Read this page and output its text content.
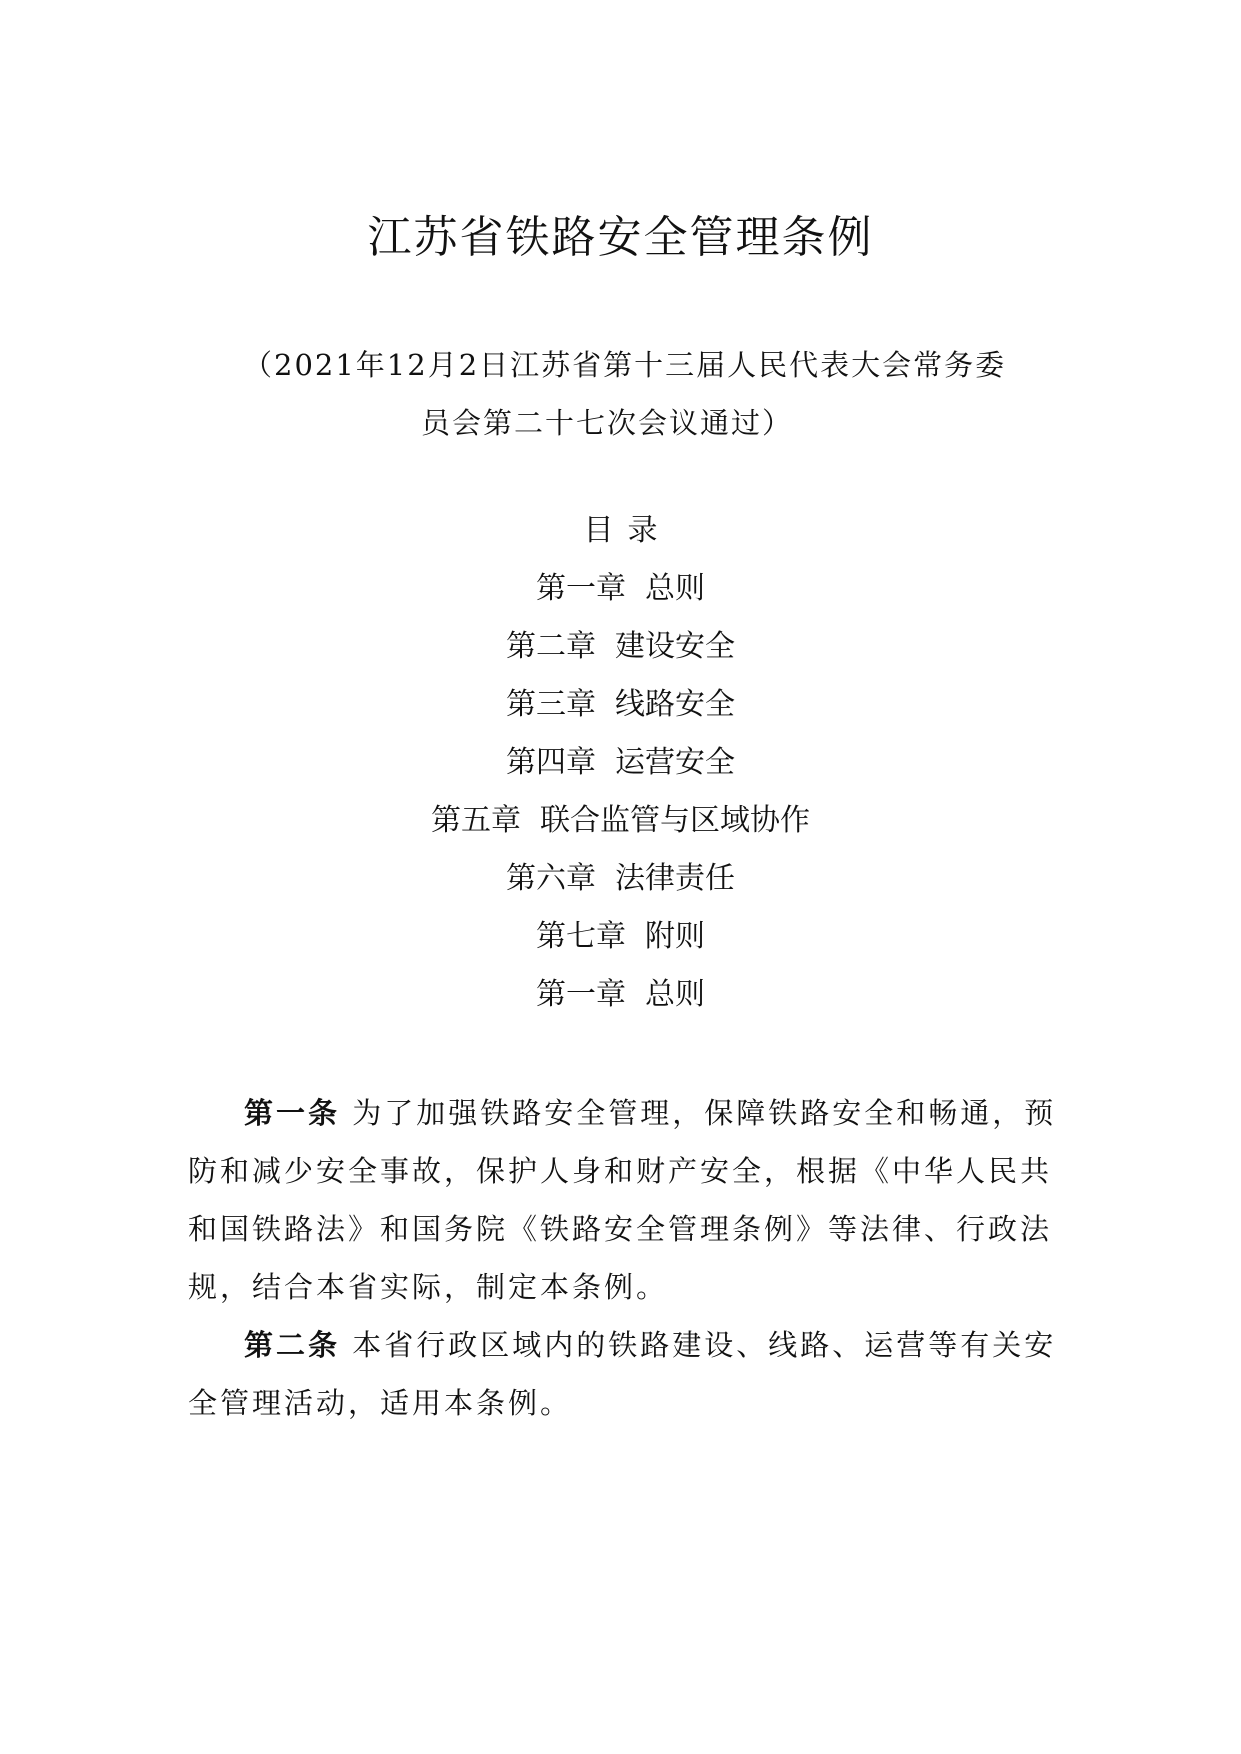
江苏省铁路安全管理条例
（2021年12月2日江苏省第十三届人民代表大会常务委
员会第二十七次会议通过）
目录
第一章  总则
第二章  建设安全
第三章  线路安全
第四章  运营安全
第五章  联合监管与区域协作
第六章  法律责任
第七章  附则
第一章  总则

第一条 为了加强铁路安全管理，保障铁路安全和畅通，预防和减少安全事故，保护人身和财产安全，根据《中华人民共和国铁路法》和国务院《铁路安全管理条例》等法律、行政法规，结合本省实际，制定本条例。

第二条 本省行政区域内的铁路建设、线路、运营等有关安全管理活动，适用本条例。
